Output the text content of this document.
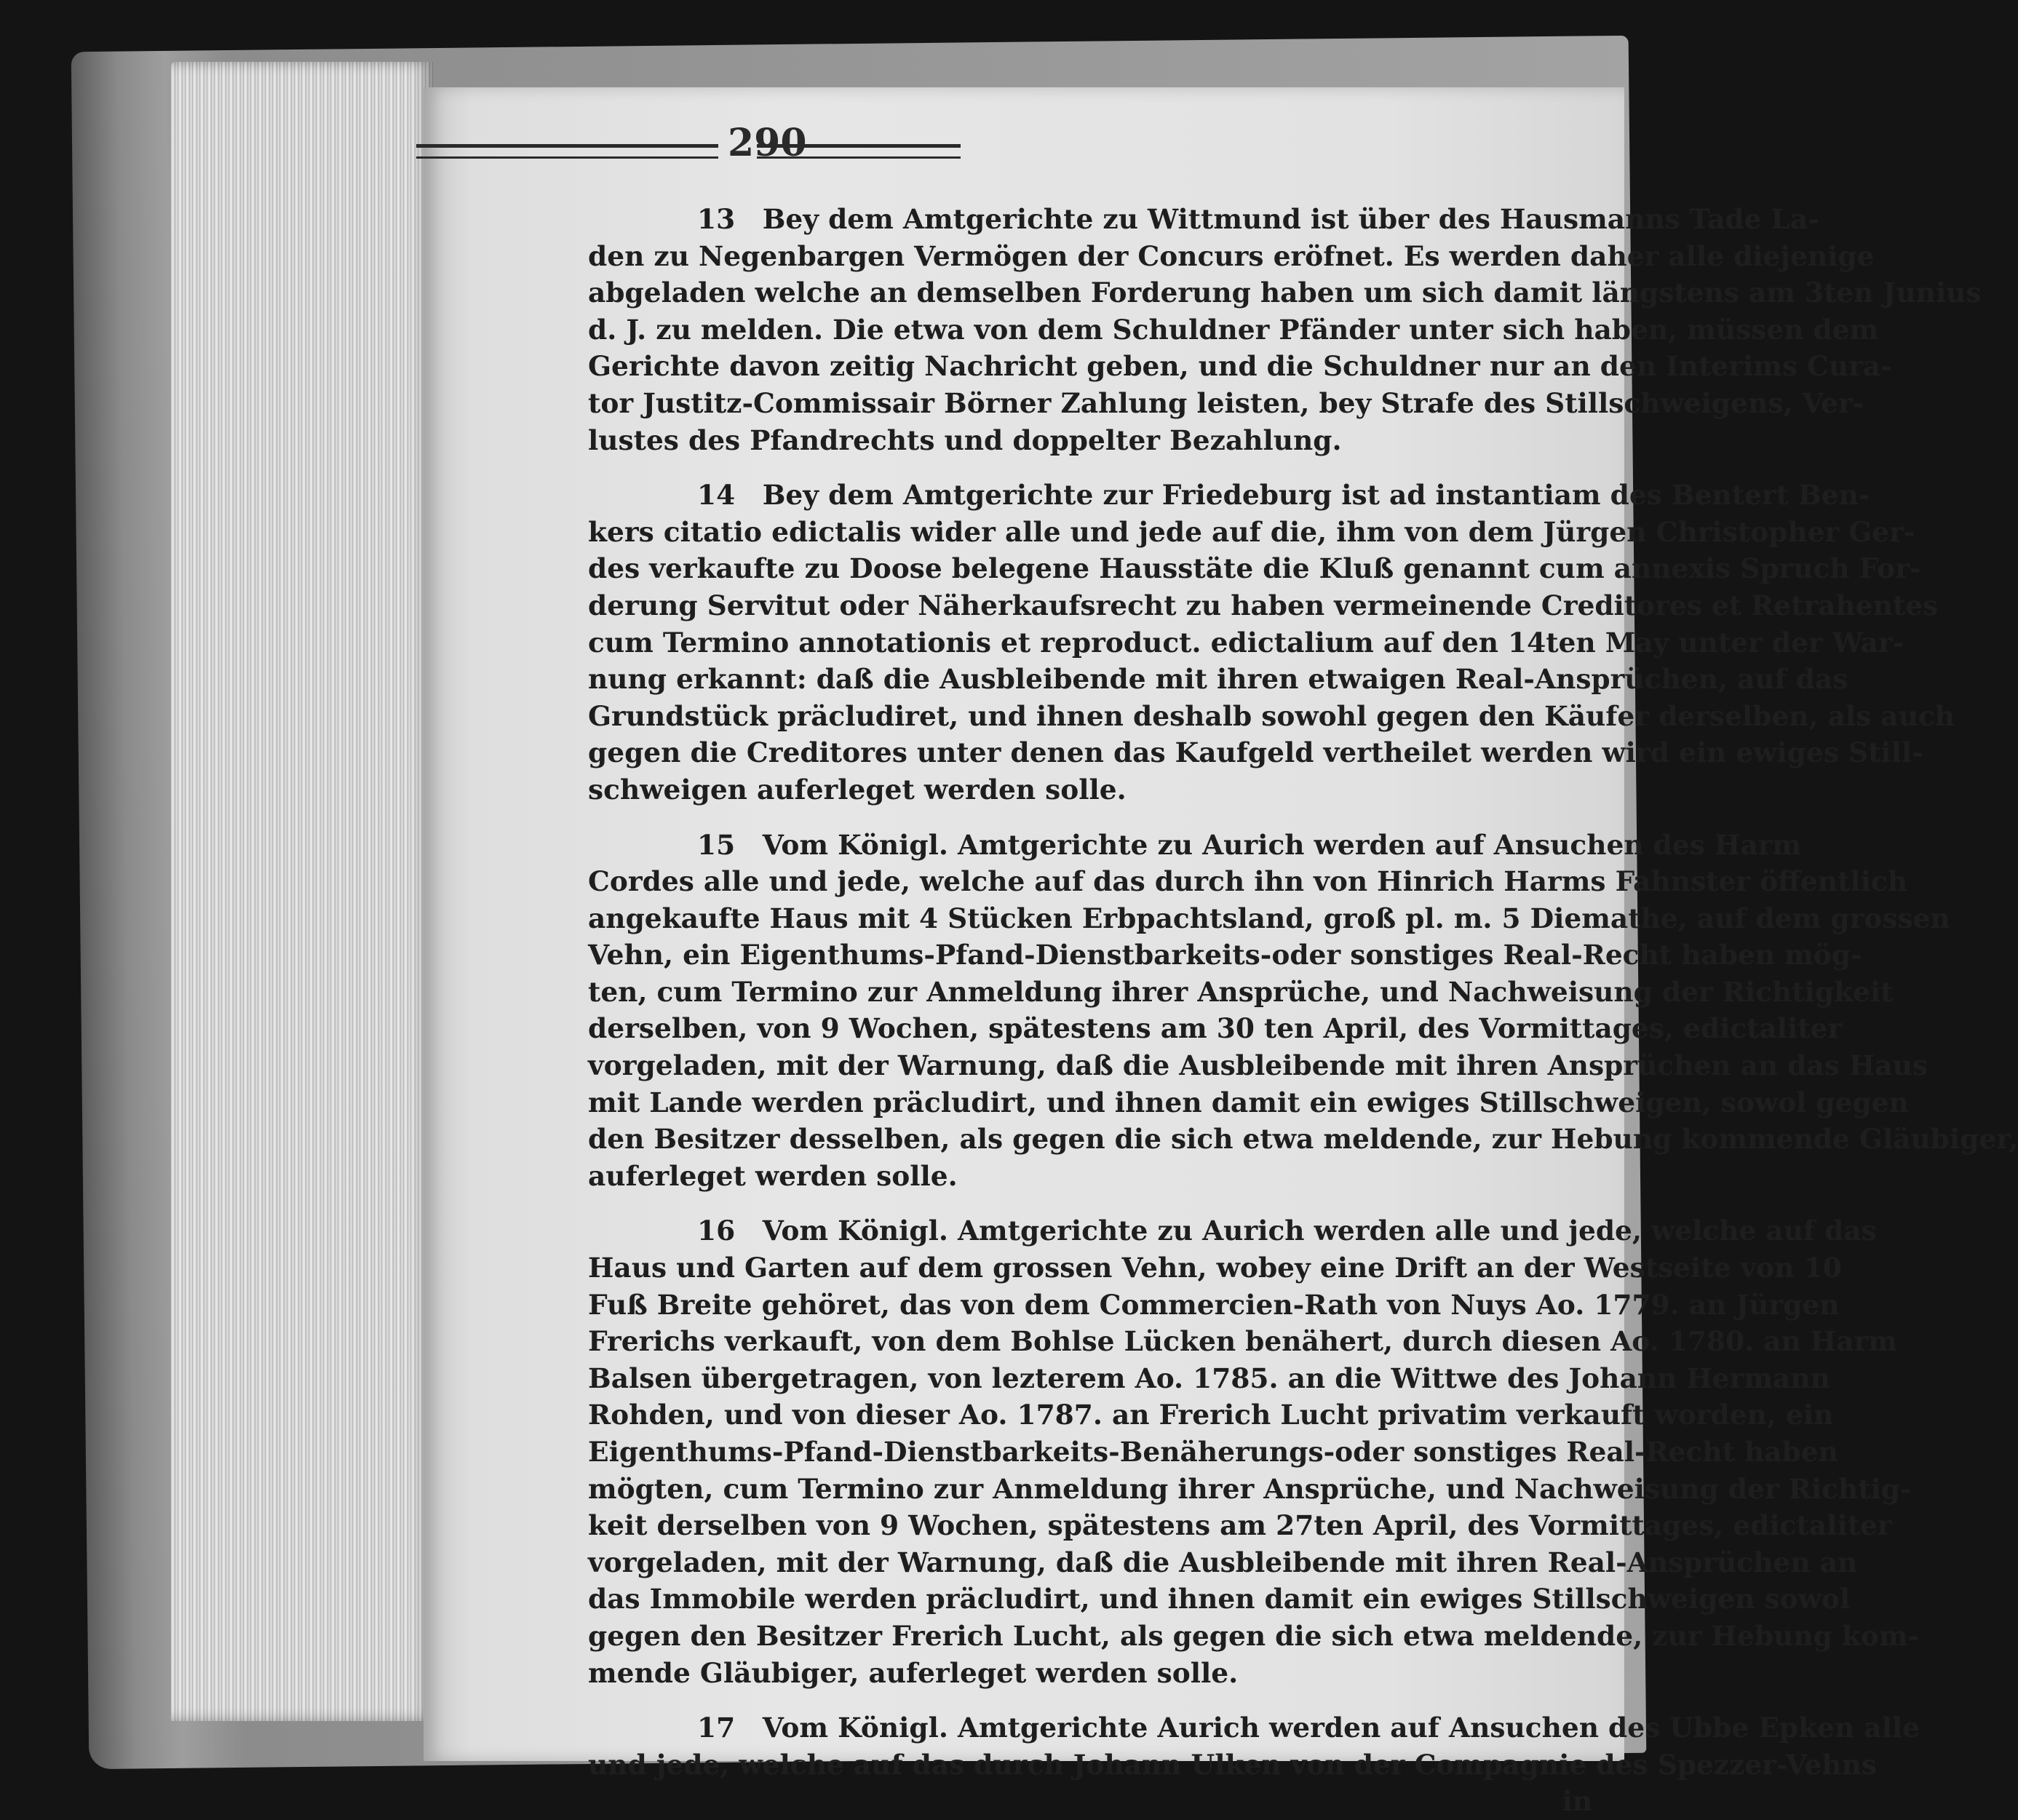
290
13 Bey dem Amtgerichte zu Wittmund ist über des Hausmanns Tade La-
den zu Negenbargen Vermögen der Concurs eröfnet. Es werden daher alle diejenige
abgeladen welche an demselben Forderung haben um sich damit längstens am 3ten Junius
d. J. zu melden. Die etwa von dem Schuldner Pfänder unter sich haben, müssen dem
Gerichte davon zeitig Nachricht geben, und die Schuldner nur an den Interims Cura-
tor Justitz-Commissair Börner Zahlung leisten, bey Strafe des Stillschweigens, Ver-
lustes des Pfandrechts und doppelter Bezahlung.
14 Bey dem Amtgerichte zur Friedeburg ist ad instantiam des Bentert Ben-
kers citatio edictalis wider alle und jede auf die, ihm von dem Jürgen Christopher Ger-
des verkaufte zu Doose belegene Hausstäte die Kluß genannt cum annexis Spruch For-
derung Servitut oder Näherkaufsrecht zu haben vermeinende Creditores et Retrahentes
cum Termino annotationis et reproduct. edictalium auf den 14ten May unter der War-
nung erkannt: daß die Ausbleibende mit ihren etwaigen Real-Ansprüchen, auf das
Grundstück präcludiret, und ihnen deshalb sowohl gegen den Käufer derselben, als auch
gegen die Creditores unter denen das Kaufgeld vertheilet werden wird ein ewiges Still-
schweigen auferleget werden solle.
15 Vom Königl. Amtgerichte zu Aurich werden auf Ansuchen des Harm
Cordes alle und jede, welche auf das durch ihn von Hinrich Harms Fahnster öffentlich
angekaufte Haus mit 4 Stücken Erbpachtsland, groß pl. m. 5 Diemathe, auf dem grossen
Vehn, ein Eigenthums-Pfand-Dienstbarkeits-oder sonstiges Real-Recht haben mög-
ten, cum Termino zur Anmeldung ihrer Ansprüche, und Nachweisung der Richtigkeit
derselben, von 9 Wochen, spätestens am 30 ten April, des Vormittages, edictaliter
vorgeladen, mit der Warnung, daß die Ausbleibende mit ihren Ansprüchen an das Haus
mit Lande werden präcludirt, und ihnen damit ein ewiges Stillschweigen, sowol gegen
den Besitzer desselben, als gegen die sich etwa meldende, zur Hebung kommende Gläubiger,
auferleget werden solle.
16 Vom Königl. Amtgerichte zu Aurich werden alle und jede, welche auf das
Haus und Garten auf dem grossen Vehn, wobey eine Drift an der Westseite von 10
Fuß Breite gehöret, das von dem Commercien-Rath von Nuys Ao. 1779. an Jürgen
Frerichs verkauft, von dem Bohlse Lücken benähert, durch diesen Ao. 1780. an Harm
Balsen übergetragen, von lezterem Ao. 1785. an die Wittwe des Johann Hermann
Rohden, und von dieser Ao. 1787. an Frerich Lucht privatim verkauft worden, ein
Eigenthums-Pfand-Dienstbarkeits-Benäherungs-oder sonstiges Real-Recht haben
mögten, cum Termino zur Anmeldung ihrer Ansprüche, und Nachweisung der Richtig-
keit derselben von 9 Wochen, spätestens am 27ten April, des Vormittages, edictaliter
vorgeladen, mit der Warnung, daß die Ausbleibende mit ihren Real-Ansprüchen an
das Immobile werden präcludirt, und ihnen damit ein ewiges Stillschweigen sowol
gegen den Besitzer Frerich Lucht, als gegen die sich etwa meldende, zur Hebung kom-
mende Gläubiger, auferleget werden solle.
17 Vom Königl. Amtgerichte Aurich werden auf Ansuchen des Ubbe Epken alle
und jede, welche auf das durch Johann Ulken von der Compagnie des Spezzer-Vehns
in
